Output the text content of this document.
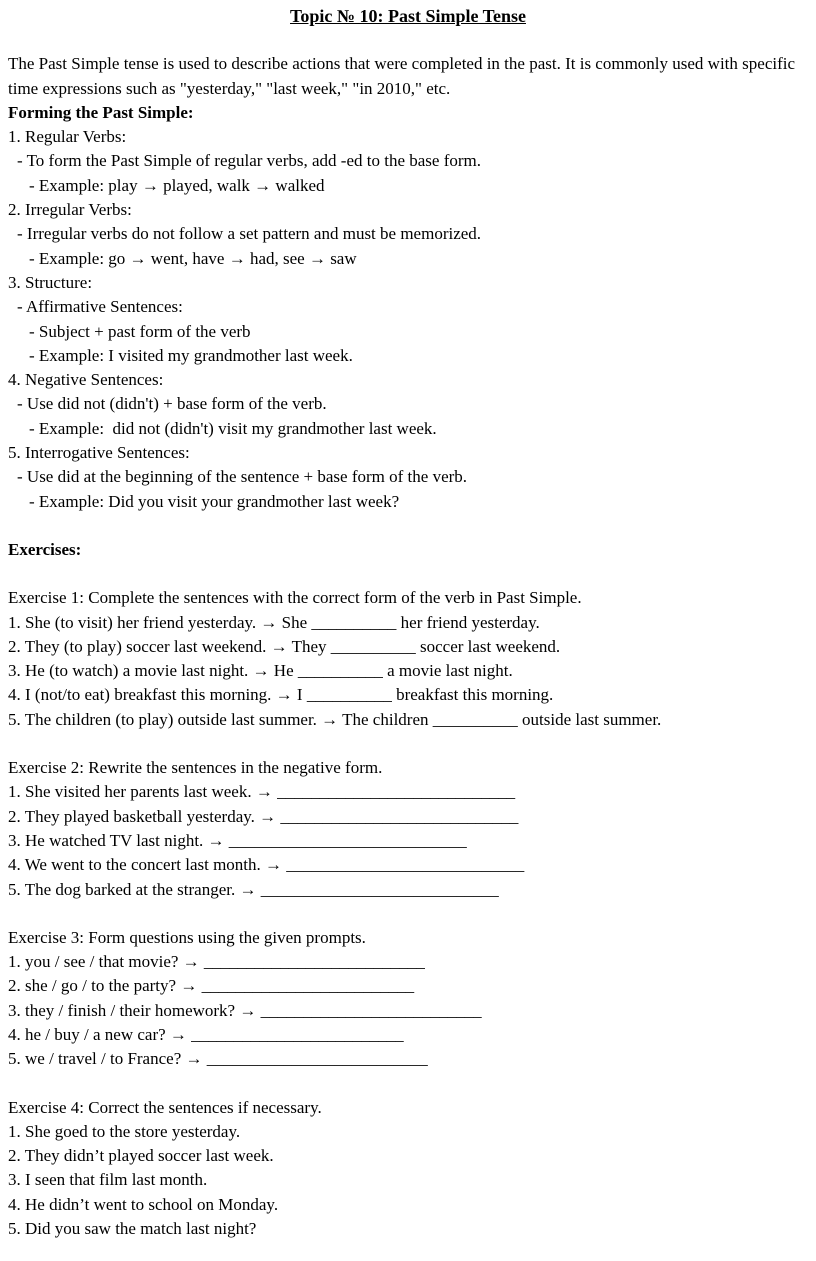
Topic № 10: Past Simple Tense

The Past Simple tense is used to describe actions that were completed in the past. It is commonly used with specific time expressions such as "yesterday," "last week," "in 2010," etc.

Forming the Past Simple:

1. Regular Verbs:
- To form the Past Simple of regular verbs, add -ed to the base form.
- Example: play → played, walk → walked
2. Irregular Verbs:
- Irregular verbs do not follow a set pattern and must be memorized.
- Example: go → went, have → had, see → saw
3. Structure:
- Affirmative Sentences:
- Subject + past form of the verb
- Example: I visited my grandmother last week.
4. Negative Sentences:
- Use did not (didn't) + base form of the verb.
- Example:  did not (didn't) visit my grandmother last week.
5. Interrogative Sentences:
- Use did at the beginning of the sentence + base form of the verb.
- Example: Did you visit your grandmother last week?

Exercises:

Exercise 1: Complete the sentences with the correct form of the verb in Past Simple.

1. She (to visit) her friend yesterday. → She __________ her friend yesterday.
2. They (to play) soccer last weekend. → They __________ soccer last weekend.
3. He (to watch) a movie last night. → He __________ a movie last night.
4. I (not/to eat) breakfast this morning. → I __________ breakfast this morning.
5. The children (to play) outside last summer. → The children __________ outside last summer.

Exercise 2: Rewrite the sentences in the negative form.

1. She visited her parents last week. → ____________________________
2. They played basketball yesterday. → ____________________________
3. He watched TV last night. → ____________________________
4. We went to the concert last month. → ____________________________
5. The dog barked at the stranger. → ____________________________

Exercise 3: Form questions using the given prompts.

1. you / see / that movie? → __________________________
2. she / go / to the party? → _________________________
3. they / finish / their homework? → __________________________
4. he / buy / a new car? → _________________________
5. we / travel / to France? → __________________________

Exercise 4: Correct the sentences if necessary.

1. She goed to the store yesterday.
2. They didn’t played soccer last week.
3. I seen that film last month.
4. He didn’t went to school on Monday.
5. Did you saw the match last night?
